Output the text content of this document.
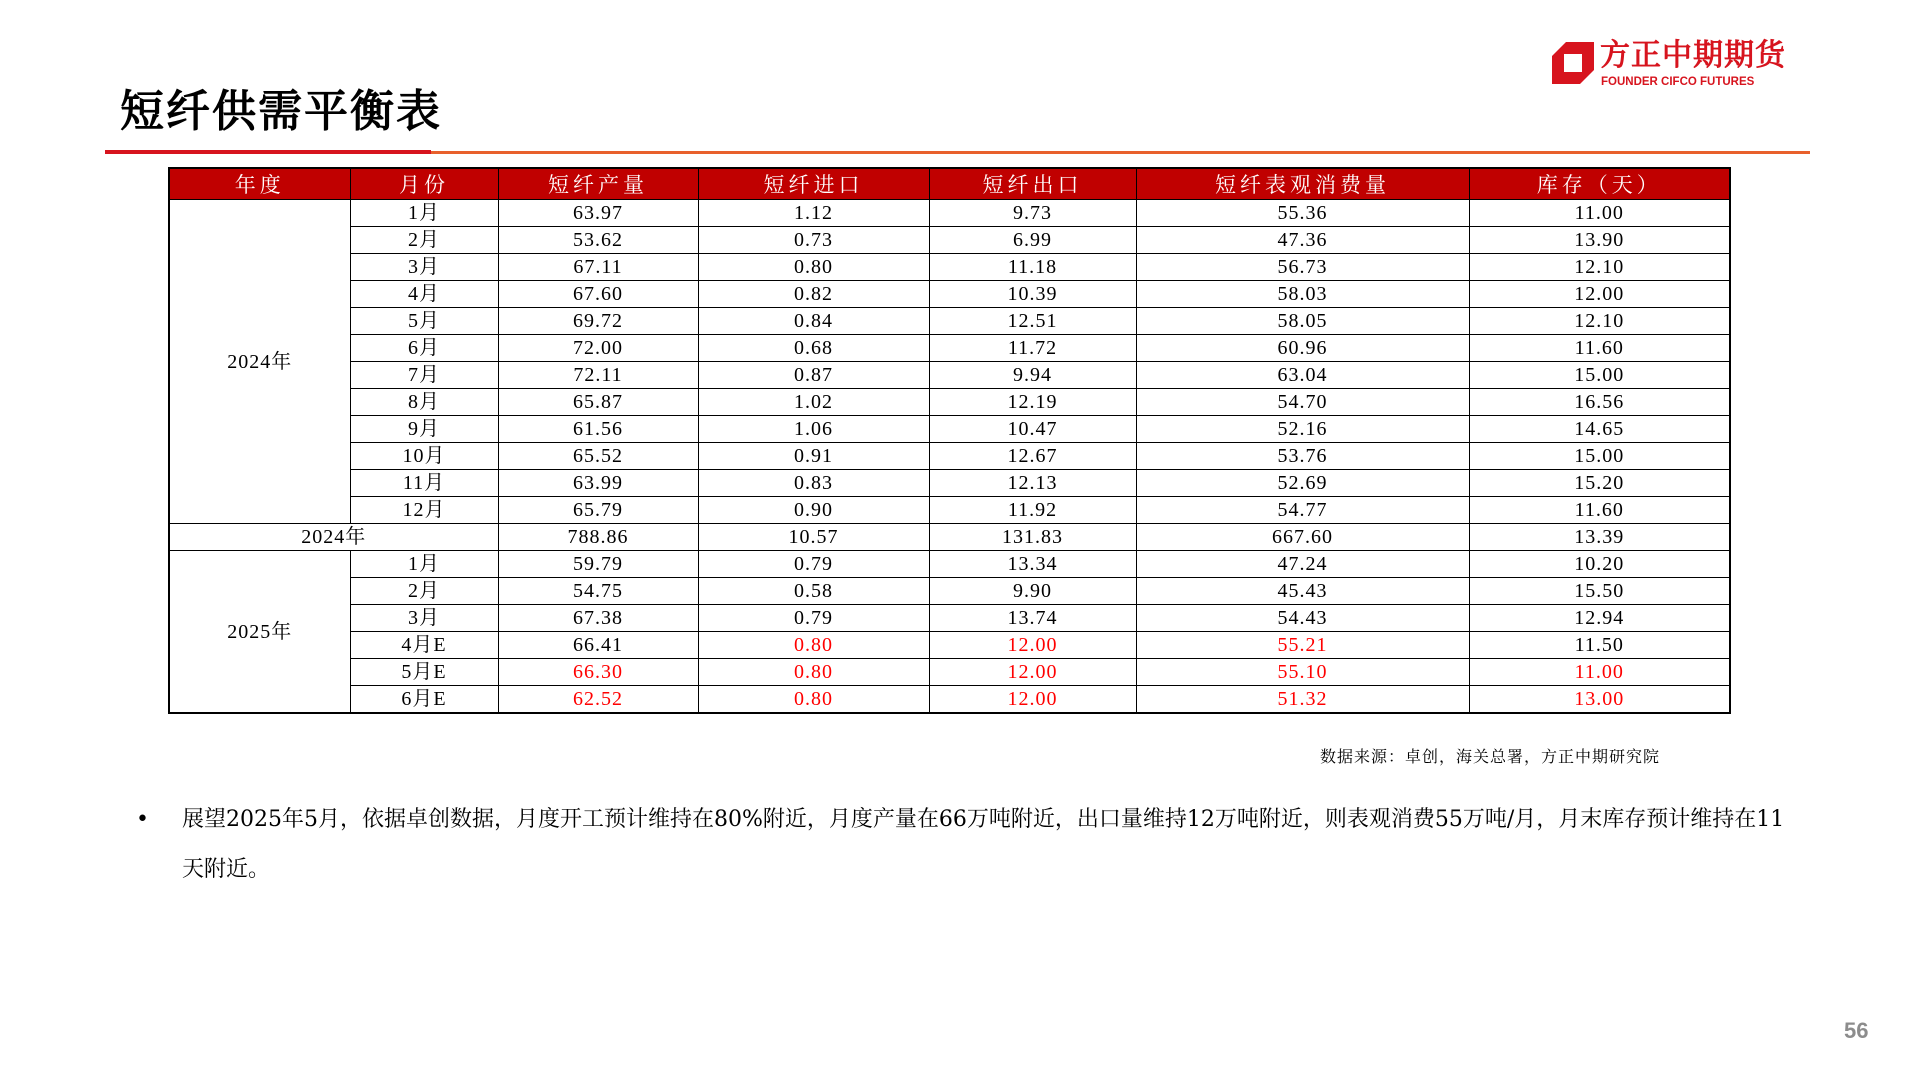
短纤供需平衡表
方正中期期货
FOUNDER CIFCO FUTURES
年度	月份	短纤产量	短纤进口	短纤出口	短纤表观消费量	库存（天）
2024年	1月	63.97	1.12	9.73	55.36	11.00
	2月	53.62	0.73	6.99	47.36	13.90
	3月	67.11	0.80	11.18	56.73	12.10
	4月	67.60	0.82	10.39	58.03	12.00
	5月	69.72	0.84	12.51	58.05	12.10
	6月	72.00	0.68	11.72	60.96	11.60
	7月	72.11	0.87	9.94	63.04	15.00
	8月	65.87	1.02	12.19	54.70	16.56
	9月	61.56	1.06	10.47	52.16	14.65
	10月	65.52	0.91	12.67	53.76	15.00
	11月	63.99	0.83	12.13	52.69	15.20
	12月	65.79	0.90	11.92	54.77	11.60
2024年		788.86	10.57	131.83	667.60	13.39
2025年	1月	59.79	0.79	13.34	47.24	10.20
	2月	54.75	0.58	9.90	45.43	15.50
	3月	67.38	0.79	13.74	54.43	12.94
	4月E	66.41	0.80	12.00	55.21	11.50
	5月E	66.30	0.80	12.00	55.10	11.00
	6月E	62.52	0.80	12.00	51.32	13.00
数据来源：卓创，海关总署，方正中期研究院
• 展望2025年5月，依据卓创数据，月度开工预计维持在80%附近，月度产量在66万吨附近，出口量维持12万吨附近，则表观消费55万吨/月，月末库存预计维持在11天附近。
56
